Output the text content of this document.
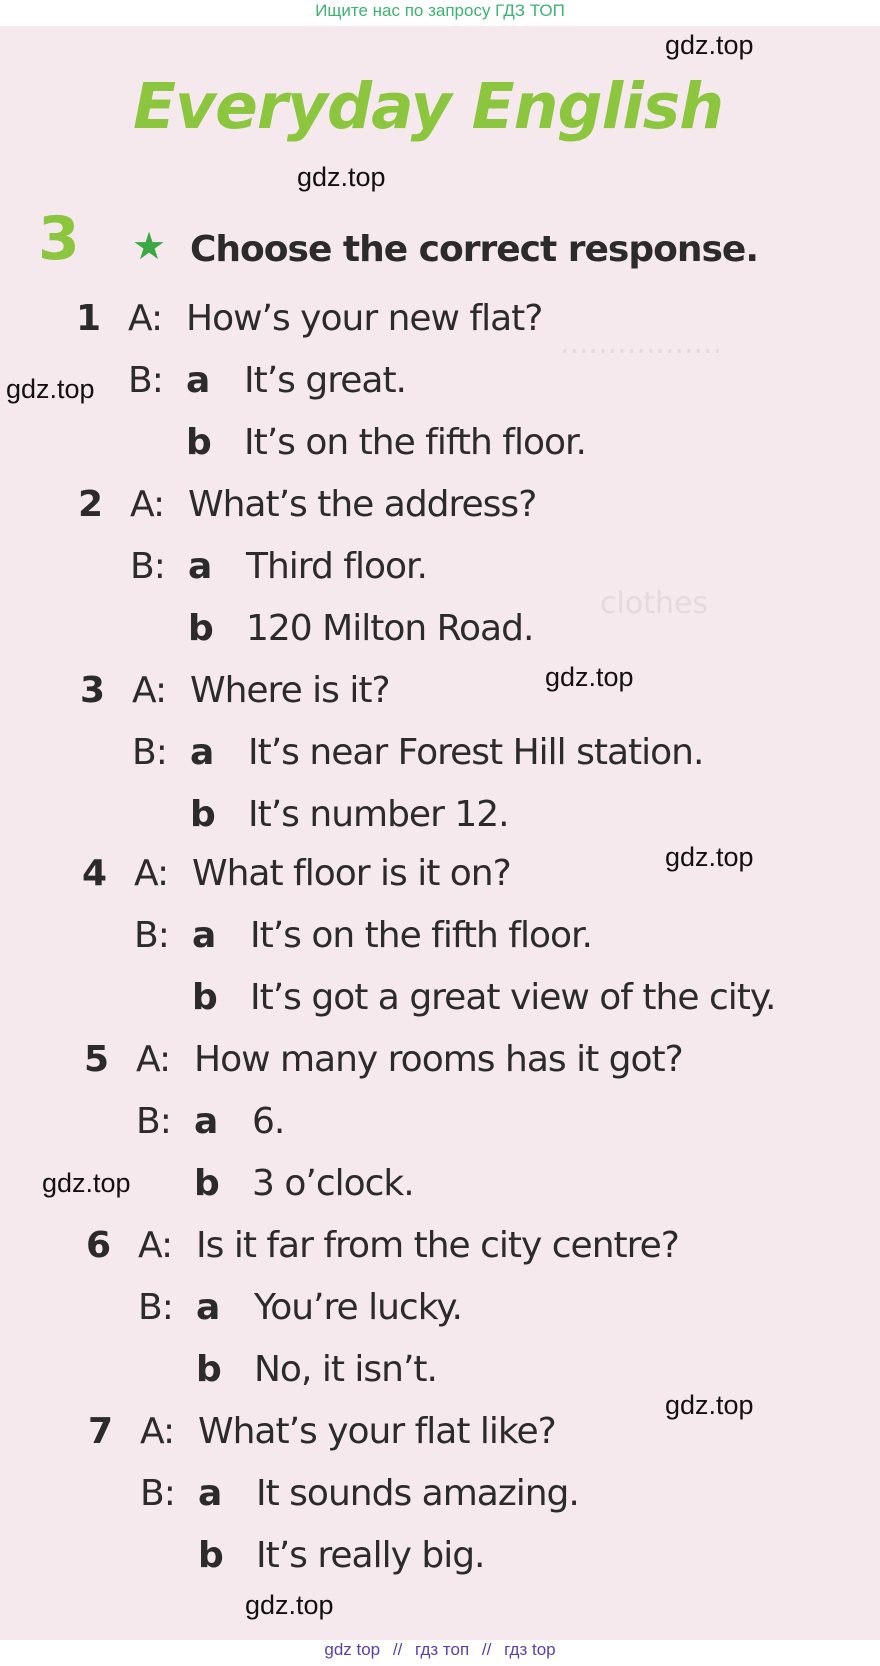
Ищите нас по запросу ГДЗ ТОП
.................
clothes
Everyday English
3 ★ Choose the correct response.
1 A: How’s your new flat?
B: a It’s great.
b It’s on the fifth floor.
2 A: What’s the address?
B: a Third floor.
b 120 Milton Road.
3 A: Where is it?
B: a It’s near Forest Hill station.
b It’s number 12.
4 A: What floor is it on?
B: a It’s on the fifth floor.
b It’s got a great view of the city.
5 A: How many rooms has it got?
B: a 6.
b 3 o’clock.
6 A: Is it far from the city centre?
B: a You’re lucky.
b No, it isn’t.
7 A: What’s your flat like?
B: a It sounds amazing.
b It’s really big.
gdz top // гдз топ // гдз top
gdz.top
gdz.top
gdz.top
gdz.top
gdz.top
gdz.top
gdz.top
gdz.top
